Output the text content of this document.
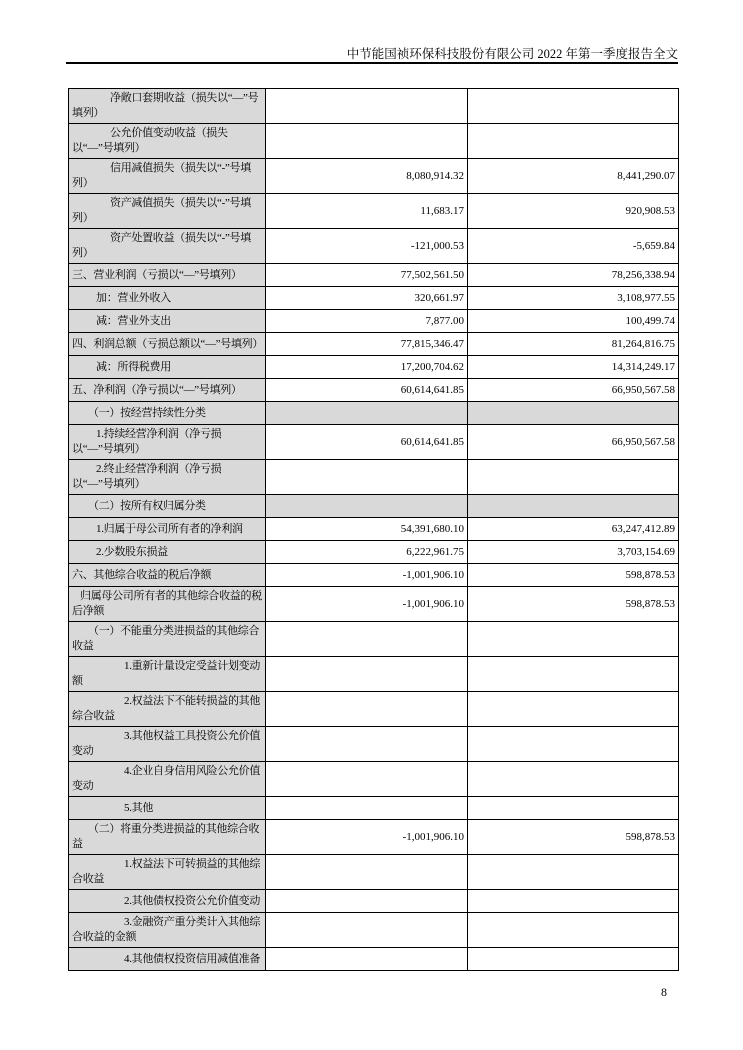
中节能国祯环保科技股份有限公司 2022 年第一季度报告全文
净敞口套期收益（损失以“—”号填列）		
公允价值变动收益（损失以“—”号填列）		
信用减值损失（损失以“-”号填列）	8,080,914.32	8,441,290.07
资产减值损失（损失以“-”号填列）	11,683.17	920,908.53
资产处置收益（损失以“-”号填列）	-121,000.53	-5,659.84
三、营业利润（亏损以“—”号填列）	77,502,561.50	78,256,338.94
加：营业外收入	320,661.97	3,108,977.55
减：营业外支出	7,877.00	100,499.74
四、利润总额（亏损总额以“—”号填列）	77,815,346.47	81,264,816.75
减：所得税费用	17,200,704.62	14,314,249.17
五、净利润（净亏损以“—”号填列）	60,614,641.85	66,950,567.58
（一）按经营持续性分类		
1.持续经营净利润（净亏损以“—”号填列）	60,614,641.85	66,950,567.58
2.终止经营净利润（净亏损以“—”号填列）		
（二）按所有权归属分类		
1.归属于母公司所有者的净利润	54,391,680.10	63,247,412.89
2.少数股东损益	6,222,961.75	3,703,154.69
六、其他综合收益的税后净额	-1,001,906.10	598,878.53
归属母公司所有者的其他综合收益的税后净额	-1,001,906.10	598,878.53
（一）不能重分类进损益的其他综合收益		
1.重新计量设定受益计划变动额		
2.权益法下不能转损益的其他综合收益		
3.其他权益工具投资公允价值变动		
4.企业自身信用风险公允价值变动		
5.其他		
（二）将重分类进损益的其他综合收益	-1,001,906.10	598,878.53
1.权益法下可转损益的其他综合收益		
2.其他债权投资公允价值变动		
3.金融资产重分类计入其他综合收益的金额		
4.其他债权投资信用减值准备		
8
